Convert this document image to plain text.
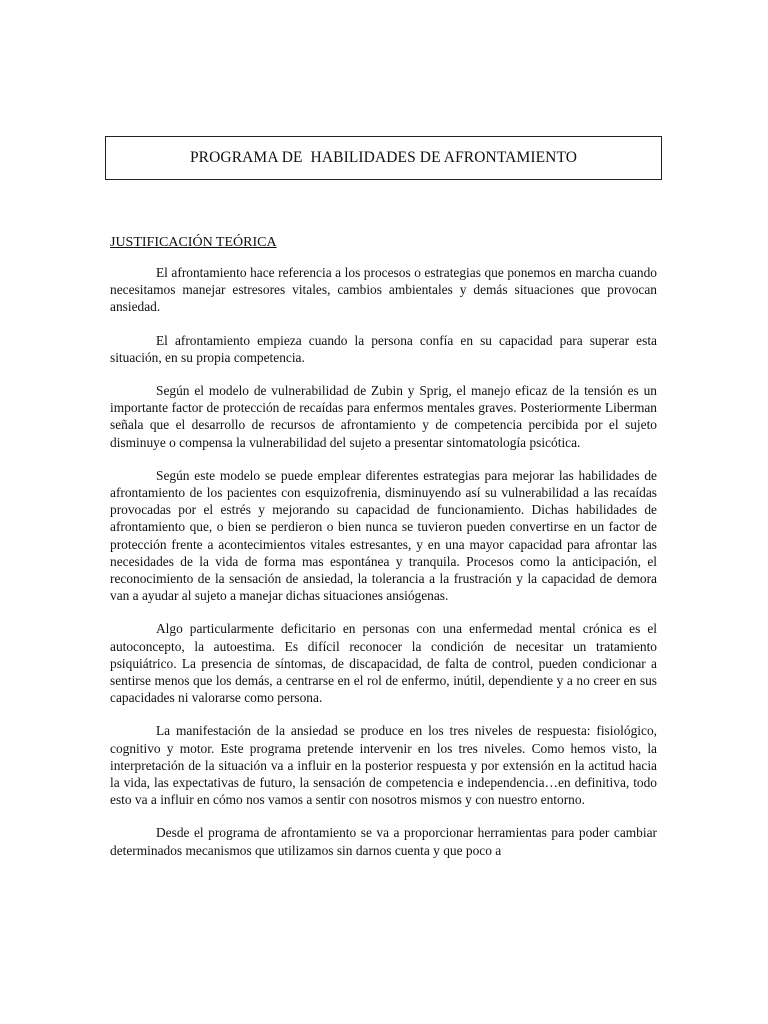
PROGRAMA DE  HABILIDADES DE AFRONTAMIENTO
JUSTIFICACIÓN TEÓRICA

El afrontamiento hace referencia a los procesos o estrategias que ponemos en marcha cuando necesitamos manejar estresores vitales, cambios ambientales y demás situaciones que provocan ansiedad.

El afrontamiento empieza cuando la persona confía en su capacidad para superar esta situación, en su propia competencia.

Según el modelo de vulnerabilidad de Zubin y Sprig, el manejo eficaz de la tensión es un importante factor de protección de recaídas para enfermos mentales graves. Posteriormente Liberman señala que el desarrollo de recursos de afrontamiento y de competencia percibida por el sujeto disminuye o compensa la vulnerabilidad del sujeto a presentar sintomatología psicótica.

Según este modelo se puede emplear diferentes estrategias para mejorar las habilidades de afrontamiento de los pacientes con esquizofrenia, disminuyendo así su vulnerabilidad a las recaídas provocadas por el estrés y mejorando su capacidad de funcionamiento. Dichas habilidades de afrontamiento que, o bien se perdieron o bien nunca se tuvieron pueden convertirse en un factor de protección frente a acontecimientos vitales estresantes, y en una mayor capacidad para afrontar las necesidades de la vida de forma mas espontánea y tranquila. Procesos como la anticipación, el reconocimiento de la sensación de ansiedad, la tolerancia a la frustración y la capacidad de demora van a ayudar al sujeto a manejar dichas situaciones ansiógenas.

Algo particularmente deficitario en personas con una enfermedad mental crónica es el autoconcepto, la autoestima. Es difícil reconocer la condición de necesitar un tratamiento psiquiátrico. La presencia de síntomas, de discapacidad, de falta de control, pueden condicionar a sentirse menos que los demás, a centrarse en el rol de enfermo, inútil, dependiente y a no creer en sus capacidades ni valorarse como persona.

La manifestación de la ansiedad se produce en los tres niveles de respuesta: fisiológico, cognitivo y motor. Este programa pretende intervenir en los tres niveles. Como hemos visto, la interpretación de la situación va a influir en la posterior respuesta y por extensión en la actitud hacia la vida, las expectativas de futuro, la sensación de competencia e independencia…en definitiva, todo esto va a influir en cómo nos vamos a sentir con nosotros mismos y con nuestro entorno.

Desde el programa de afrontamiento se va a proporcionar herramientas para poder cambiar determinados mecanismos que utilizamos sin darnos cuenta y que poco a
